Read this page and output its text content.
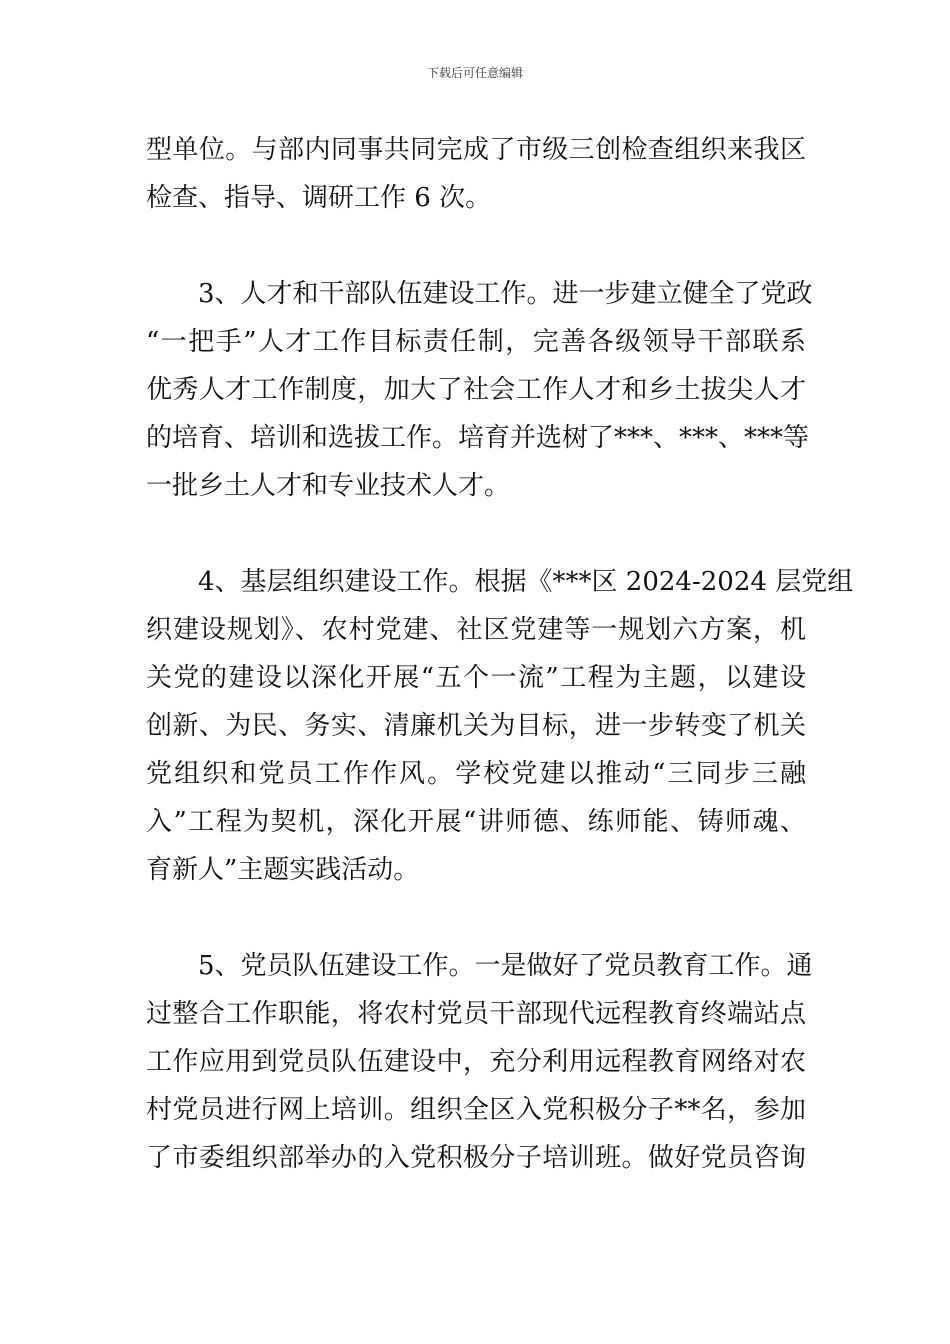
下载后可任意编辑
型单位。与部内同事共同完成了市级三创检查组织来我区
检查、指导、调研工作 6 次。
3、人才和干部队伍建设工作。进一步建立健全了党政
“一把手”人才工作目标责任制，完善各级领导干部联系
优秀人才工作制度，加大了社会工作人才和乡土拔尖人才
的培育、培训和选拔工作。培育并选树了***、***、***等
一批乡土人才和专业技术人才。
4、基层组织建设工作。根据《***区 2024-2024 层党组
织建设规划》、农村党建、社区党建等一规划六方案，机
关党的建设以深化开展“五个一流”工程为主题，以建设
创新、为民、务实、清廉机关为目标，进一步转变了机关
党组织和党员工作作风。学校党建以推动“三同步三融
入”工程为契机，深化开展“讲师德、练师能、铸师魂、
育新人”主题实践活动。
5、党员队伍建设工作。一是做好了党员教育工作。通
过整合工作职能，将农村党员干部现代远程教育终端站点
工作应用到党员队伍建设中，充分利用远程教育网络对农
村党员进行网上培训。组织全区入党积极分子**名，参加
了市委组织部举办的入党积极分子培训班。做好党员咨询
